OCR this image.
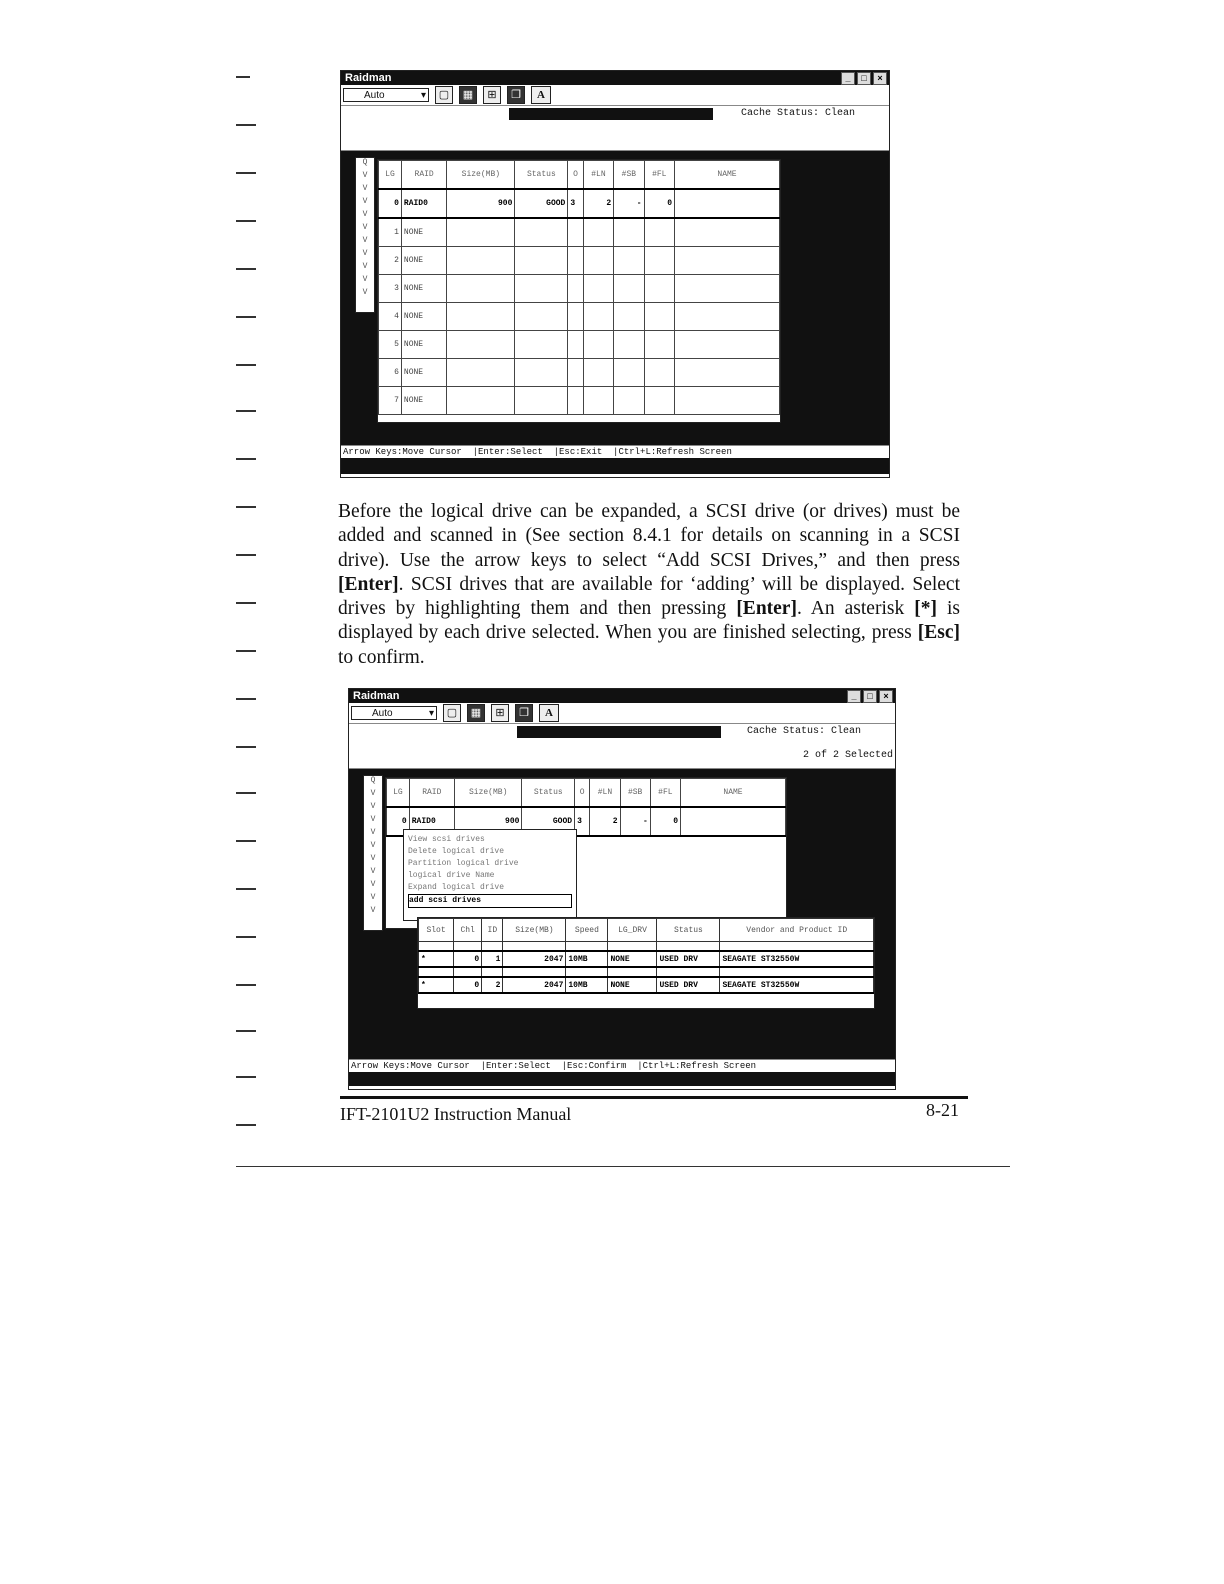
Raidman	_	□	×
Auto	▾	▢	▦	⊞	❐	A
Cache Status: Clean
Q
V
V
V
V
V
V
V
V
V
V
LG	RAID	Size(MB)	Status	O	#LN	#SB	#FL	NAME
0	RAID0	900	GOOD	3	2	-	0	
1	NONE							
2	NONE							
3	NONE							
4	NONE							
5	NONE							
6	NONE							
7	NONE							
Arrow Keys:Move Cursor  |Enter:Select  |Esc:Exit  |Ctrl+L:Refresh Screen
Before the logical drive can be expanded, a SCSI drive (or drives) must be added and scanned in (See section 8.4.1 for details on scanning in a SCSI drive). Use the arrow keys to select “Add SCSI Drives,” and then press [Enter]. SCSI drives that are available for ‘adding’ will be displayed. Select drives by highlighting them and then pressing [Enter]. An asterisk [*] is displayed by each drive selected. When you are finished selecting, press [Esc] to confirm.
Raidman	_	□	×
Auto	▾	▢	▦	⊞	❐	A
Cache Status: Clean
2 of 2 Selected
Q
V
V
V
V
V
V
V
V
V
V
LG	RAID	Size(MB)	Status	O	#LN	#SB	#FL	NAME
0	RAID0	900	GOOD	3	2	-	0	
View scsi drives
Delete logical drive
Partition logical drive
logical drive Name
Expand logical drive
add scsi drives
Slot	Chl	ID	Size(MB)	Speed	LG_DRV	Status	Vendor and Product ID

*	0	1	2047	10MB	NONE	USED DRV	SEAGATE ST32550W

*	0	2	2047	10MB	NONE	USED DRV	SEAGATE ST32550W
Arrow Keys:Move Cursor  |Enter:Select  |Esc:Confirm  |Ctrl+L:Refresh Screen
IFT-2101U2 Instruction Manual	8-21
